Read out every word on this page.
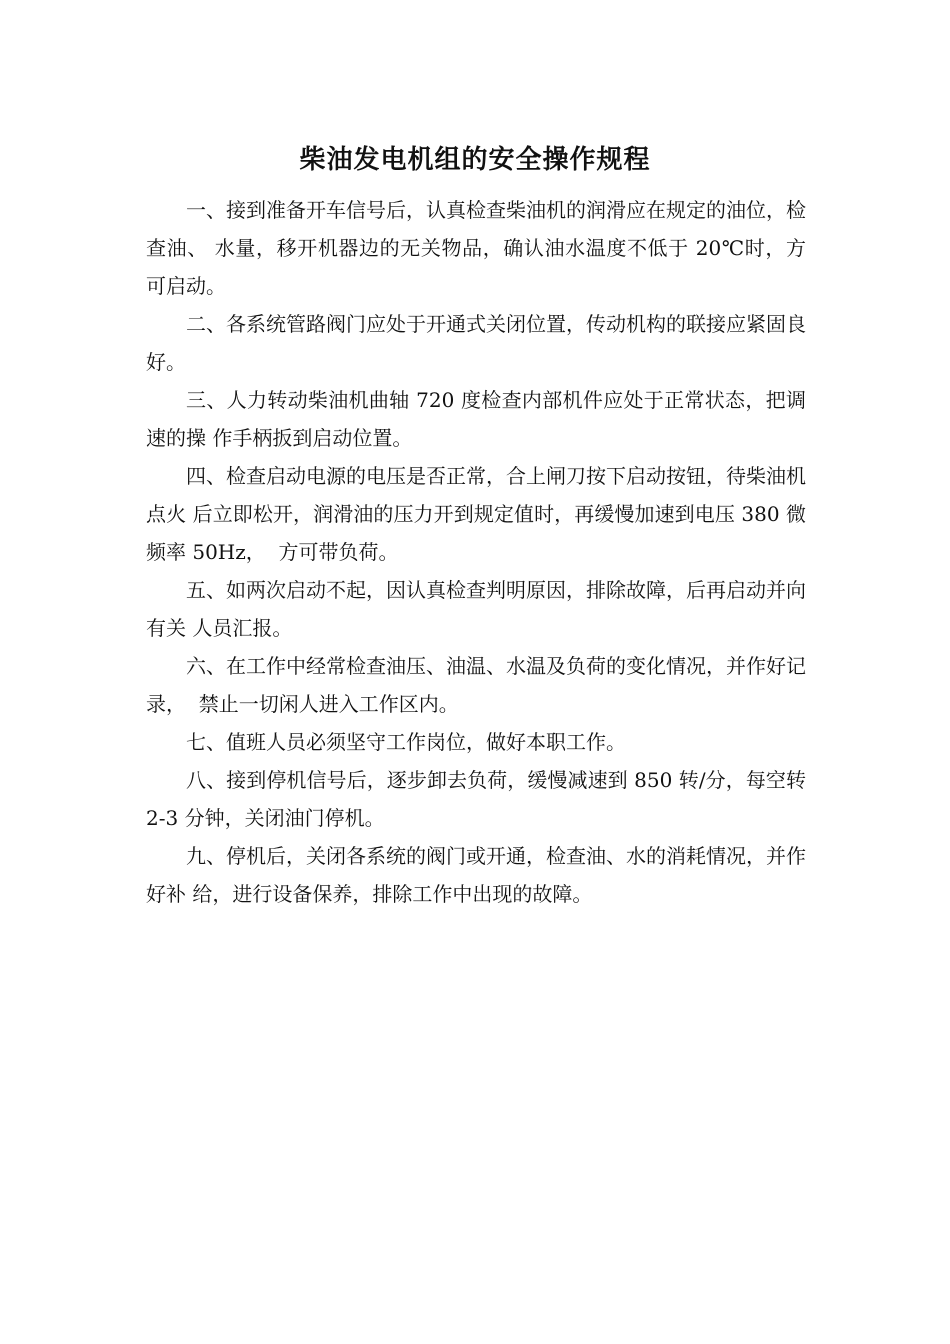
柴油发电机组的安全操作规程

一、接到准备开车信号后，认真检查柴油机的润滑应在规定的油位，检查油、 水量，移开机器边的无关物品，确认油水温度不低于 20℃时，方可启动。

二、各系统管路阀门应处于开通式关闭位置，传动机构的联接应紧固良好。

三、人力转动柴油机曲轴 720 度检查内部机件应处于正常状态，把调速的操 作手柄扳到启动位置。

四、检查启动电源的电压是否正常，合上闸刀按下启动按钮，待柴油机点火 后立即松开，润滑油的压力开到规定值时，再缓慢加速到电压 380 微频率 50Hz，  方可带负荷。

五、如两次启动不起，因认真检查判明原因，排除故障，后再启动并向有关 人员汇报。

六、在工作中经常检查油压、油温、水温及负荷的变化情况，并作好记录，  禁止一切闲人进入工作区内。

七、值班人员必须坚守工作岗位，做好本职工作。

八、接到停机信号后，逐步卸去负荷，缓慢减速到 850 转/分，每空转 2-3 分钟，关闭油门停机。

九、停机后，关闭各系统的阀门或开通，检查油、水的消耗情况，并作好补 给，进行设备保养，排除工作中出现的故障。
